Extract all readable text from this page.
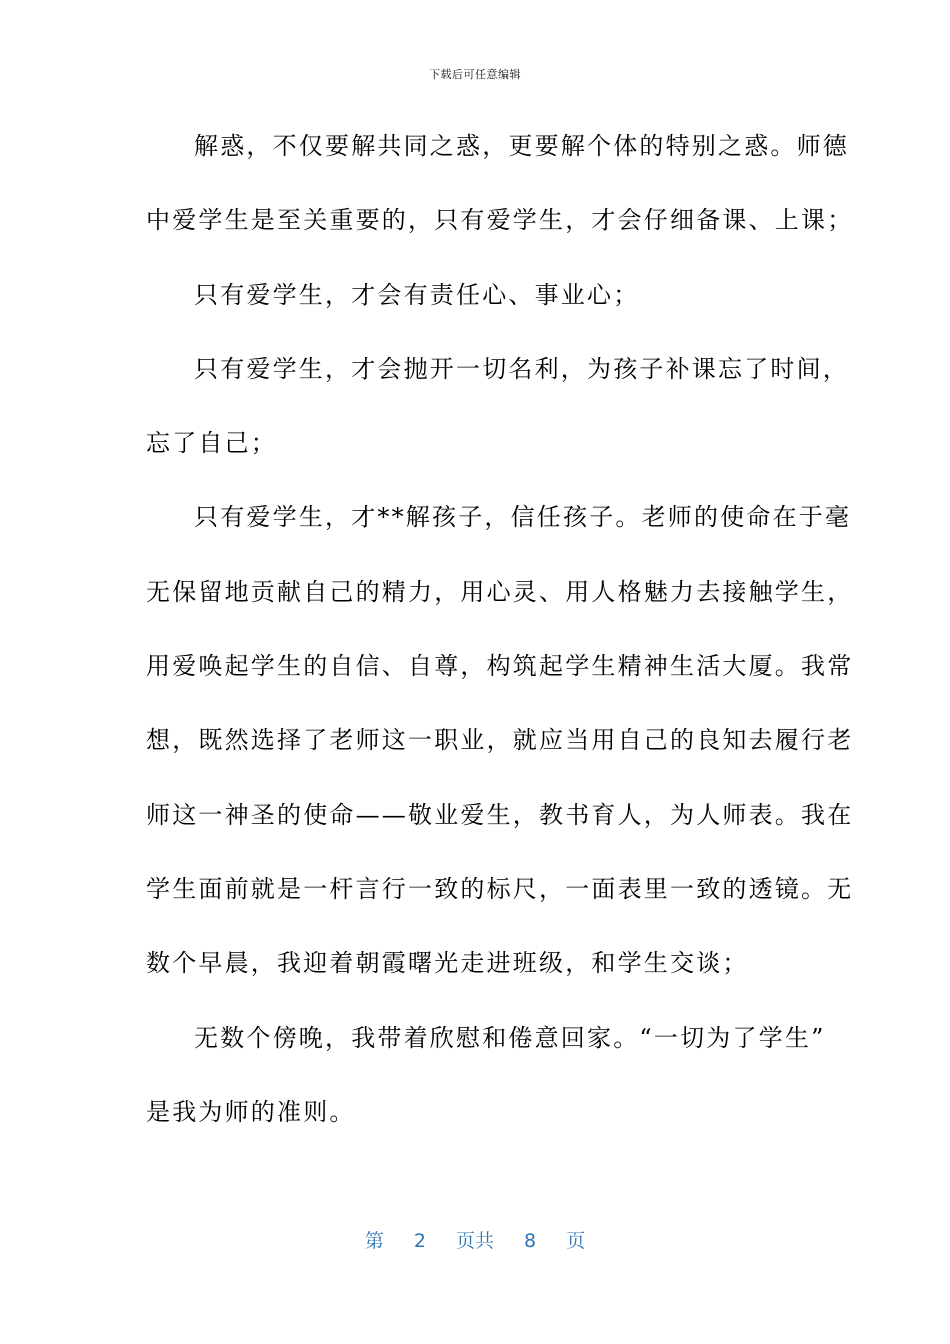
下载后可任意编辑
解惑，不仅要解共同之惑，更要解个体的特别之惑。师德
中爱学生是至关重要的，只有爱学生，才会仔细备课、上课；
只有爱学生，才会有责任心、事业心；
只有爱学生，才会抛开一切名利，为孩子补课忘了时间，
忘了自己；
只有爱学生，才**解孩子，信任孩子。老师的使命在于毫
无保留地贡献自己的精力，用心灵、用人格魅力去接触学生，
用爱唤起学生的自信、自尊，构筑起学生精神生活大厦。我常
想，既然选择了老师这一职业，就应当用自己的良知去履行老
师这一神圣的使命——敬业爱生，教书育人，为人师表。我在
学生面前就是一杆言行一致的标尺，一面表里一致的透镜。无
数个早晨，我迎着朝霞曙光走进班级，和学生交谈；
无数个傍晚，我带着欣慰和倦意回家。“一切为了学生”
是我为师的准则。
第 2 页共 8 页
